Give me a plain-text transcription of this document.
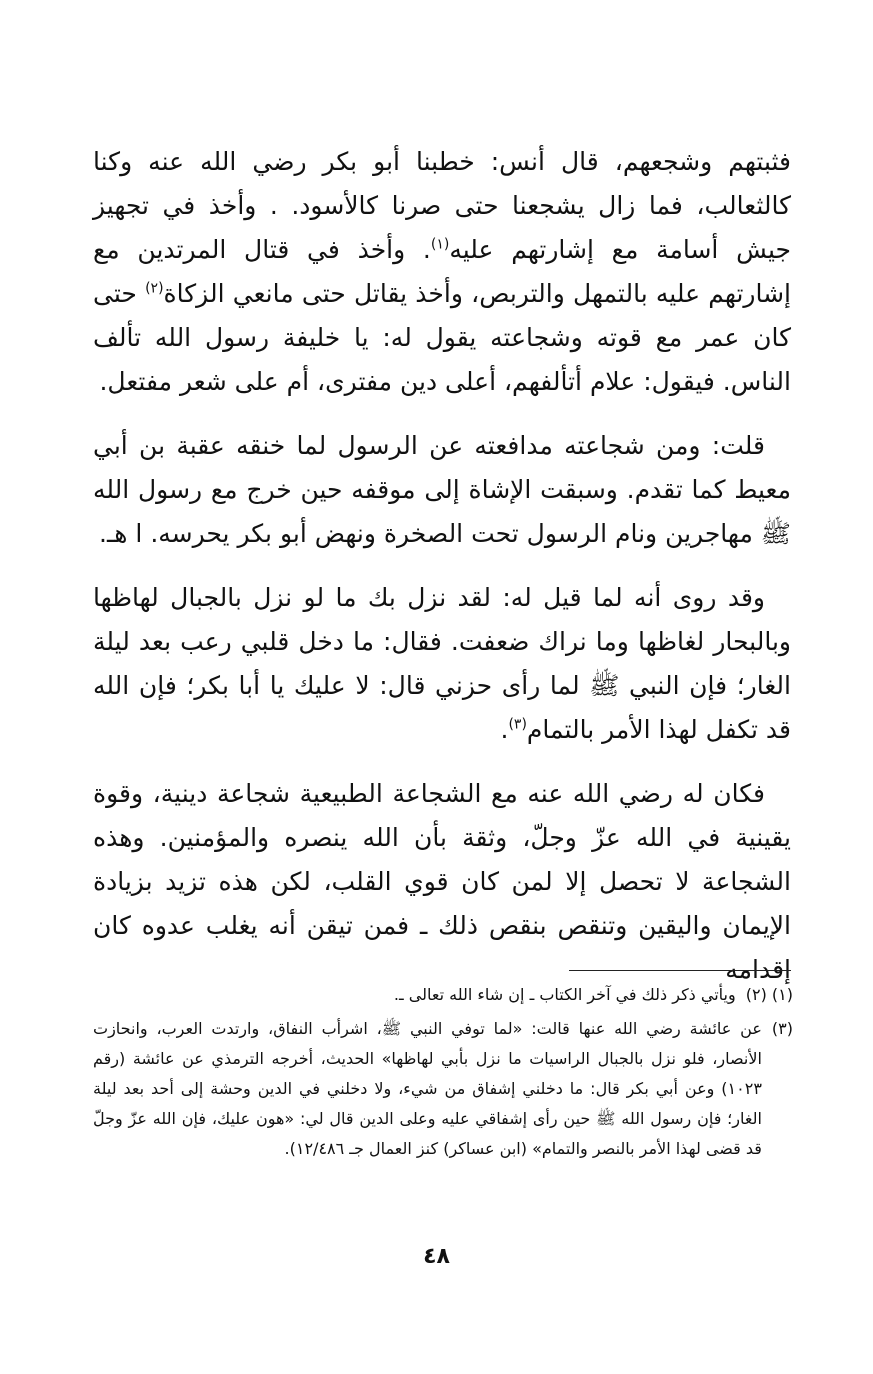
فثبتهم وشجعهم، قال أنس: خطبنا أبو بكر رضي الله عنه وكنا كالثعالب، فما زال يشجعنا حتى صرنا كالأسود. . وأخذ في تجهيز جيش أسامة مع إشارتهم عليه$^{(١)}$. وأخذ في قتال المرتدين مع إشارتهم عليه بالتمهل والتربص، وأخذ يقاتل حتى مانعي الزكاة$^{(٢)}$ حتى كان عمر مع قوته وشجاعته يقول له: يا خليفة رسول الله تألف الناس. فيقول: علام أتألفهم، أعلى دين مفترى، أم على شعر مفتعل.

قلت: ومن شجاعته مدافعته عن الرسول لما خنقه عقبة بن أبي معيط كما تقدم. وسبقت الإشاة إلى موقفه حين خرج مع رسول الله ﷺ مهاجرين ونام الرسول تحت الصخرة ونهض أبو بكر يحرسه. ا هـ.

وقد روى أنه لما قيل له: لقد نزل بك ما لو نزل بالجبال لهاظها وبالبحار لغاظها وما نراك ضعفت. فقال: ما دخل قلبي رعب بعد ليلة الغار؛ فإن النبي ﷺ لما رأى حزني قال: لا عليك يا أبا بكر؛ فإن الله قد تكفل لهذا الأمر بالتمام$^{(٣)}$.

فكان له رضي الله عنه مع الشجاعة الطبيعية شجاعة دينية، وقوة يقينية في الله عزّ وجلّ، وثقة بأن الله ينصره والمؤمنين. وهذه الشجاعة لا تحصل إلا لمن كان قوي القلب، لكن هذه تزيد بزيادة الإيمان واليقين وتنقص بنقص ذلك ـ فمن تيقن أنه يغلب عدوه كان إقدامه

(١) (٢)
ويأتي ذكر ذلك في آخر الكتاب ـ إن شاء الله تعالى ـ.
(٣)
عن عائشة رضي الله عنها قالت: «لما توفي النبي ﷺ، اشرأب النفاق، وارتدت العرب، وانحازت الأنصار، فلو نزل بالجبال الراسيات ما نزل بأبي لهاظها» الحديث، أخرجه الترمذي عن عائشة (رقم ١٠٢٣) وعن أبي بكر قال: ما دخلني إشفاق من شيء، ولا دخلني في الدين وحشة إلى أحد بعد ليلة الغار؛ فإن رسول الله ﷺ حين رأى إشفاقي عليه وعلى الدين قال لي: «هون عليك، فإن الله عزّ وجلّ قد قضى لهذا الأمر بالنصر والتمام» (ابن عساكر) كنز العمال جـ ١٢/٤٨٦).
٤٨
